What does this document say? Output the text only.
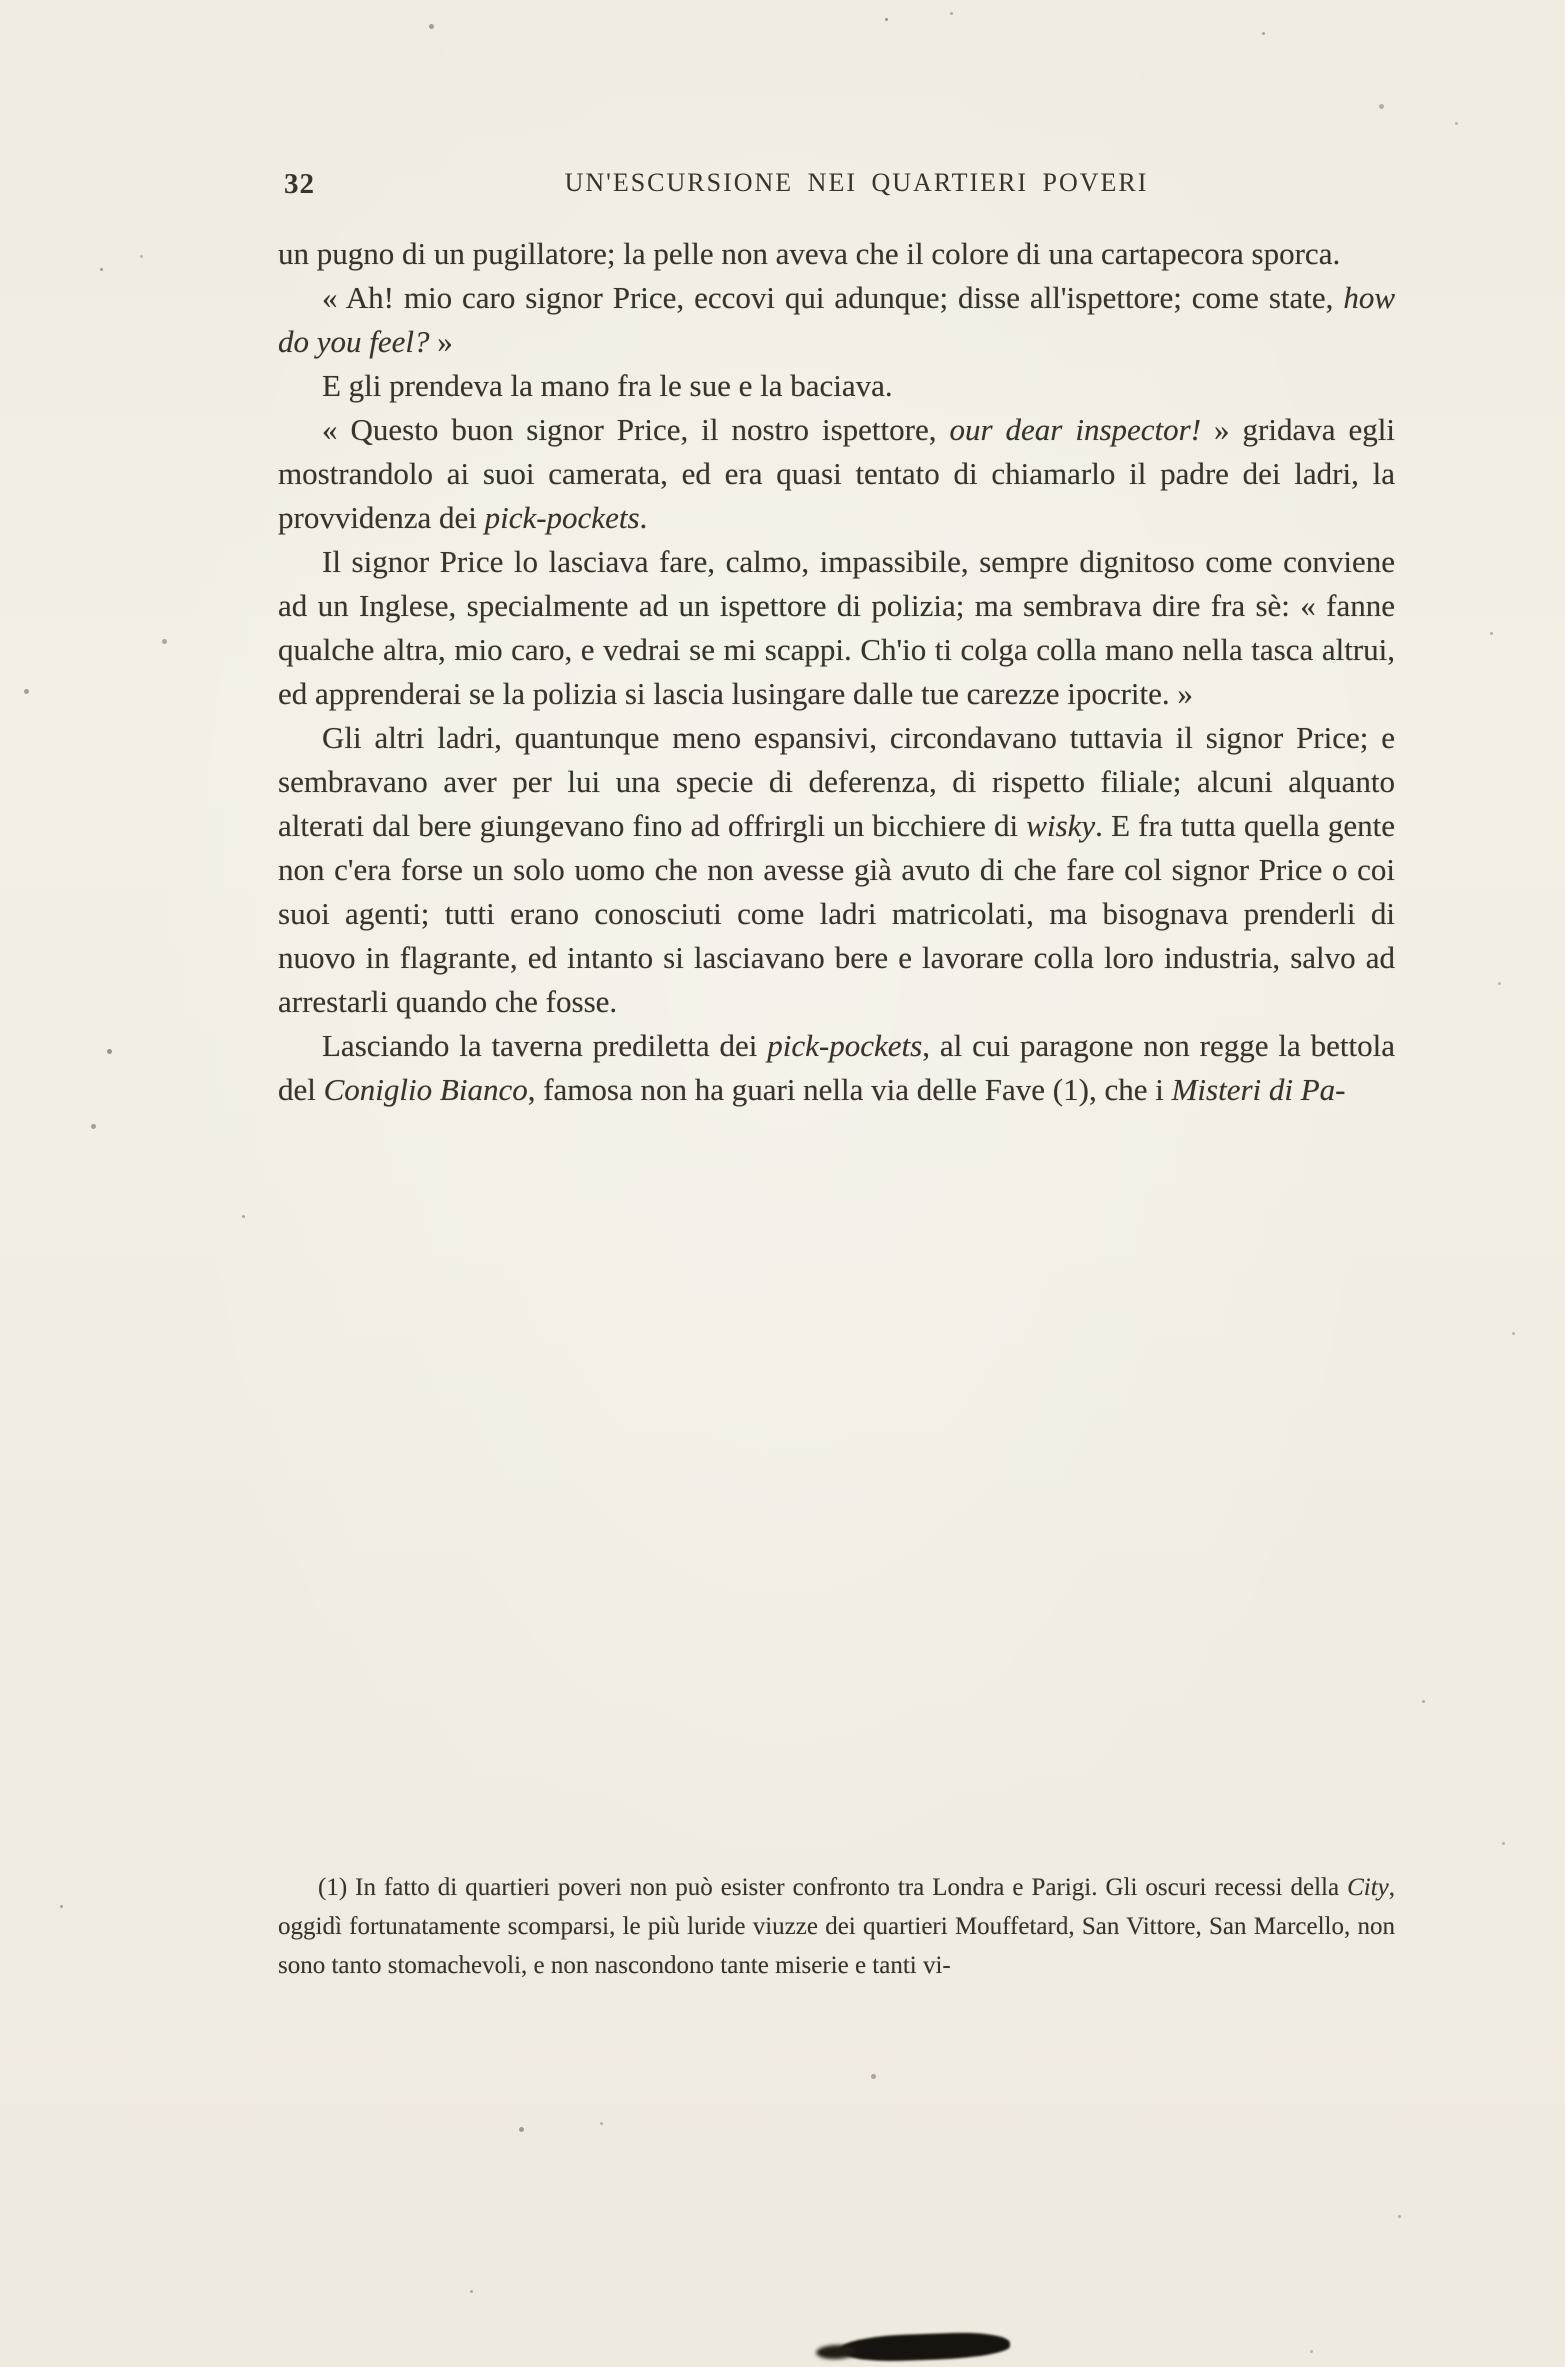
32	UN'ESCURSIONE NEI QUARTIERI POVERI

un pugno di un pugillatore; la pelle non aveva che il colore di una cartapecora sporca.

« Ah! mio caro signor Price, eccovi qui adunque; disse all'ispettore; come state, how do you feel? »

E gli prendeva la mano fra le sue e la baciava.

« Questo buon signor Price, il nostro ispettore, our dear inspector! » gridava egli mostrandolo ai suoi camerata, ed era quasi tentato di chiamarlo il padre dei ladri, la provvidenza dei pick-pockets.

Il signor Price lo lasciava fare, calmo, impassibile, sempre dignitoso come conviene ad un Inglese, specialmente ad un ispettore di polizia; ma sembrava dire fra sè: « fanne qualche altra, mio caro, e vedrai se mi scappi. Ch'io ti colga colla mano nella tasca altrui, ed apprenderai se la polizia si lascia lusingare dalle tue carezze ipocrite. »

Gli altri ladri, quantunque meno espansivi, circondavano tuttavia il signor Price; e sembravano aver per lui una specie di deferenza, di rispetto filiale; alcuni alquanto alterati dal bere giungevano fino ad offrirgli un bicchiere di wisky. E fra tutta quella gente non c'era forse un solo uomo che non avesse già avuto di che fare col signor Price o coi suoi agenti; tutti erano conosciuti come ladri matricolati, ma bisognava prenderli di nuovo in flagrante, ed intanto si lasciavano bere e lavorare colla loro industria, salvo ad arrestarli quando che fosse.

Lasciando la taverna prediletta dei pick-pockets, al cui paragone non regge la bettola del Coniglio Bianco, famosa non ha guari nella via delle Fave (1), che i Misteri di Pa-

(1) In fatto di quartieri poveri non può esister confronto tra Londra e Parigi. Gli oscuri recessi della City, oggidì fortunatamente scomparsi, le più luride viuzze dei quartieri Mouffetard, San Vittore, San Marcello, non sono tanto stomachevoli, e non nascondono tante miserie e tanti vi-
